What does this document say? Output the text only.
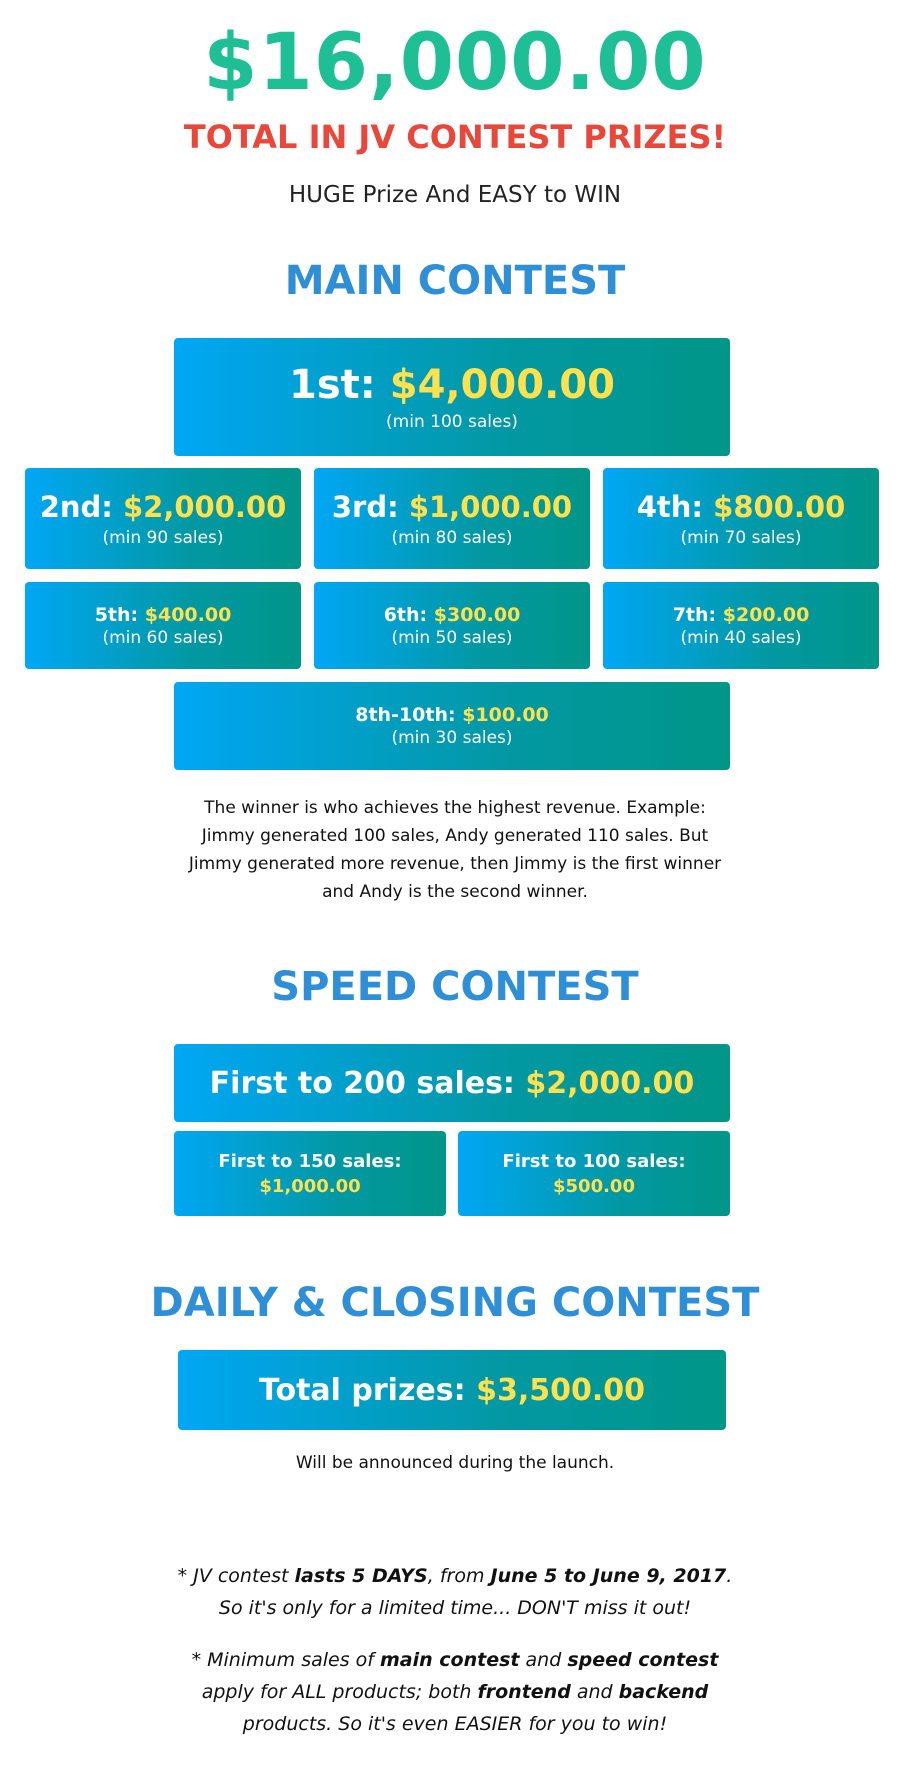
$16,000.00
TOTAL IN JV CONTEST PRIZES!
HUGE Prize And EASY to WIN
MAIN CONTEST
1st: $4,000.00
(min 100 sales)
2nd: $2,000.00
(min 90 sales)
3rd: $1,000.00
(min 80 sales)
4th: $800.00
(min 70 sales)
5th: $400.00
(min 60 sales)
6th: $300.00
(min 50 sales)
7th: $200.00
(min 40 sales)
8th-10th: $100.00
(min 30 sales)
The winner is who achieves the highest revenue. Example: Jimmy generated 100 sales, Andy generated 110 sales. But Jimmy generated more revenue, then Jimmy is the first winner and Andy is the second winner.
SPEED CONTEST
First to 200 sales: $2,000.00
First to 150 sales:
$1,000.00
First to 100 sales:
$500.00
DAILY & CLOSING CONTEST
Total prizes: $3,500.00
Will be announced during the launch.
* JV contest lasts 5 DAYS, from June 5 to June 9, 2017. So it's only for a limited time... DON'T miss it out!
* Minimum sales of main contest and speed contest apply for ALL products; both frontend and backend products. So it's even EASIER for you to win!
